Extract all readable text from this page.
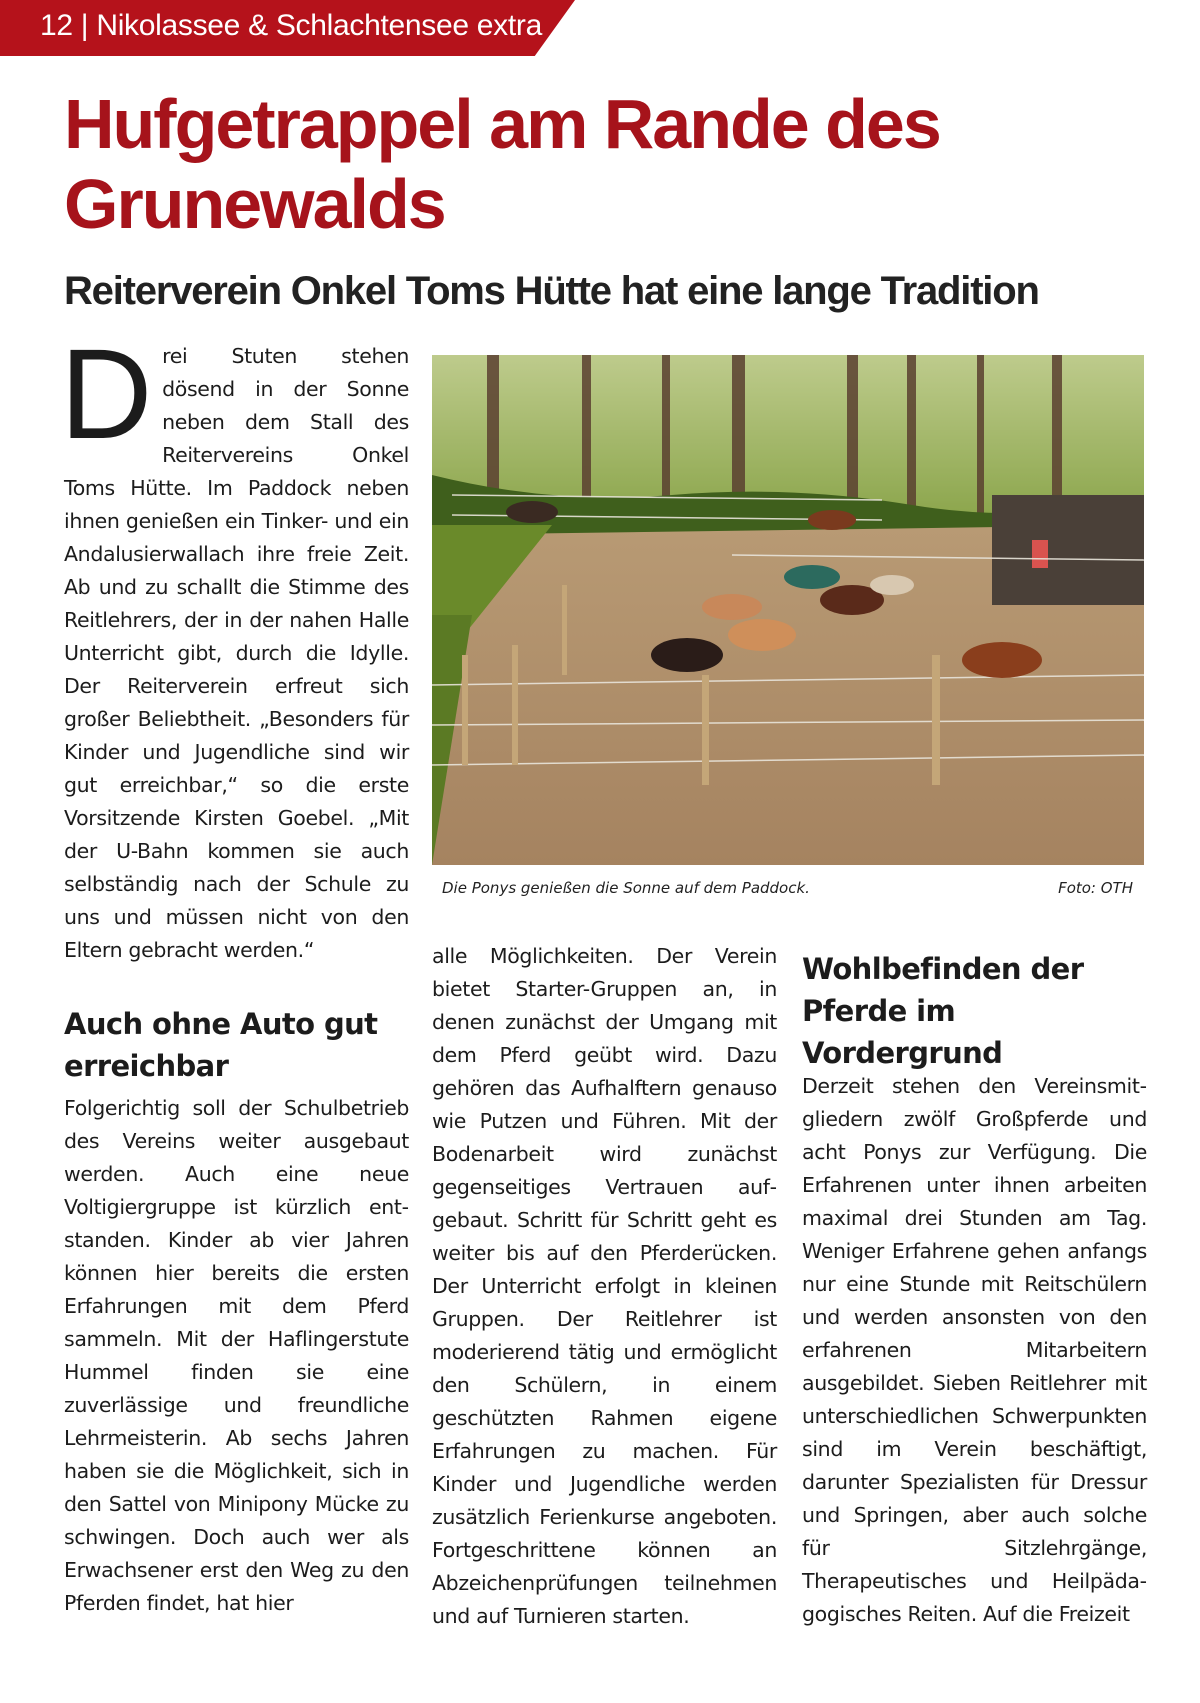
12 | Nikolassee & Schlachtensee extra
Hufgetrappel am Rande des Grunewalds
Reiterverein Onkel Toms Hütte hat eine lange Tradition

Drei Stuten stehen dösend in der Sonne neben dem Stall des Reitervereins Onkel Toms Hütte. Im Paddock neben ihnen genießen ein Tinker- und ein Andalusierwallach ihre freie Zeit. Ab und zu schallt die Stimme des Reitlehrers, der in der nahen Halle Unterricht gibt, durch die Idylle. Der Reiterverein erfreut sich großer Beliebtheit. „Besonders für Kinder und Jugendliche sind wir gut erreichbar,“ so die erste Vorsitzende Kirsten Goebel. „Mit der U-Bahn kommen sie auch selbständig nach der Schule zu uns und müssen nicht von den Eltern gebracht werden.“

Auch ohne Auto gut erreichbar

Folgerichtig soll der Schulbetrieb des Vereins weiter ausgebaut werden. Auch eine neue Voltigiergruppe ist kürzlich entstanden. Kinder ab vier Jahren können hier bereits die ersten Erfahrungen mit dem Pferd sammeln. Mit der Haflingerstute Hummel finden sie eine zuverlässige und freundliche Lehrmeisterin. Ab sechs Jahren haben sie die Möglichkeit, sich in den Sattel von Minipony Mücke zu schwingen. Doch auch wer als Erwachsener erst den Weg zu den Pferden findet, hat hier

Die Ponys genießen die Sonne auf dem Paddock.	Foto: OTH

alle Möglichkeiten. Der Verein bietet Starter-Gruppen an, in denen zunächst der Umgang mit dem Pferd geübt wird. Dazu gehören das Aufhalftern genauso wie Putzen und Führen. Mit der Bodenarbeit wird zunächst gegenseitiges Vertrauen aufgebaut. Schritt für Schritt geht es weiter bis auf den Pferderücken. Der Unterricht erfolgt in kleinen Gruppen. Der Reitlehrer ist moderierend tätig und ermöglicht den Schülern, in einem geschützten Rahmen eigene Erfahrungen zu machen. Für Kinder und Jugendliche werden zusätzlich Ferienkurse angeboten. Fortgeschrittene können an Abzeichenprüfungen teilnehmen und auf Turnieren starten.

Wohlbefinden der Pferde im Vordergrund

Derzeit stehen den Vereinsmitgliedern zwölf Großpferde und acht Ponys zur Verfügung. Die Erfahrenen unter ihnen arbeiten maximal drei Stunden am Tag. Weniger Erfahrene gehen anfangs nur eine Stunde mit Reitschülern und werden ansonsten von den erfahrenen Mitarbeitern ausgebildet. Sieben Reitlehrer mit unterschiedlichen Schwerpunkten sind im Verein beschäftigt, darunter Spezialisten für Dressur und Springen, aber auch solche für Sitzlehrgänge, Therapeutisches und Heilpädagogisches Reiten. Auf die Freizeit
